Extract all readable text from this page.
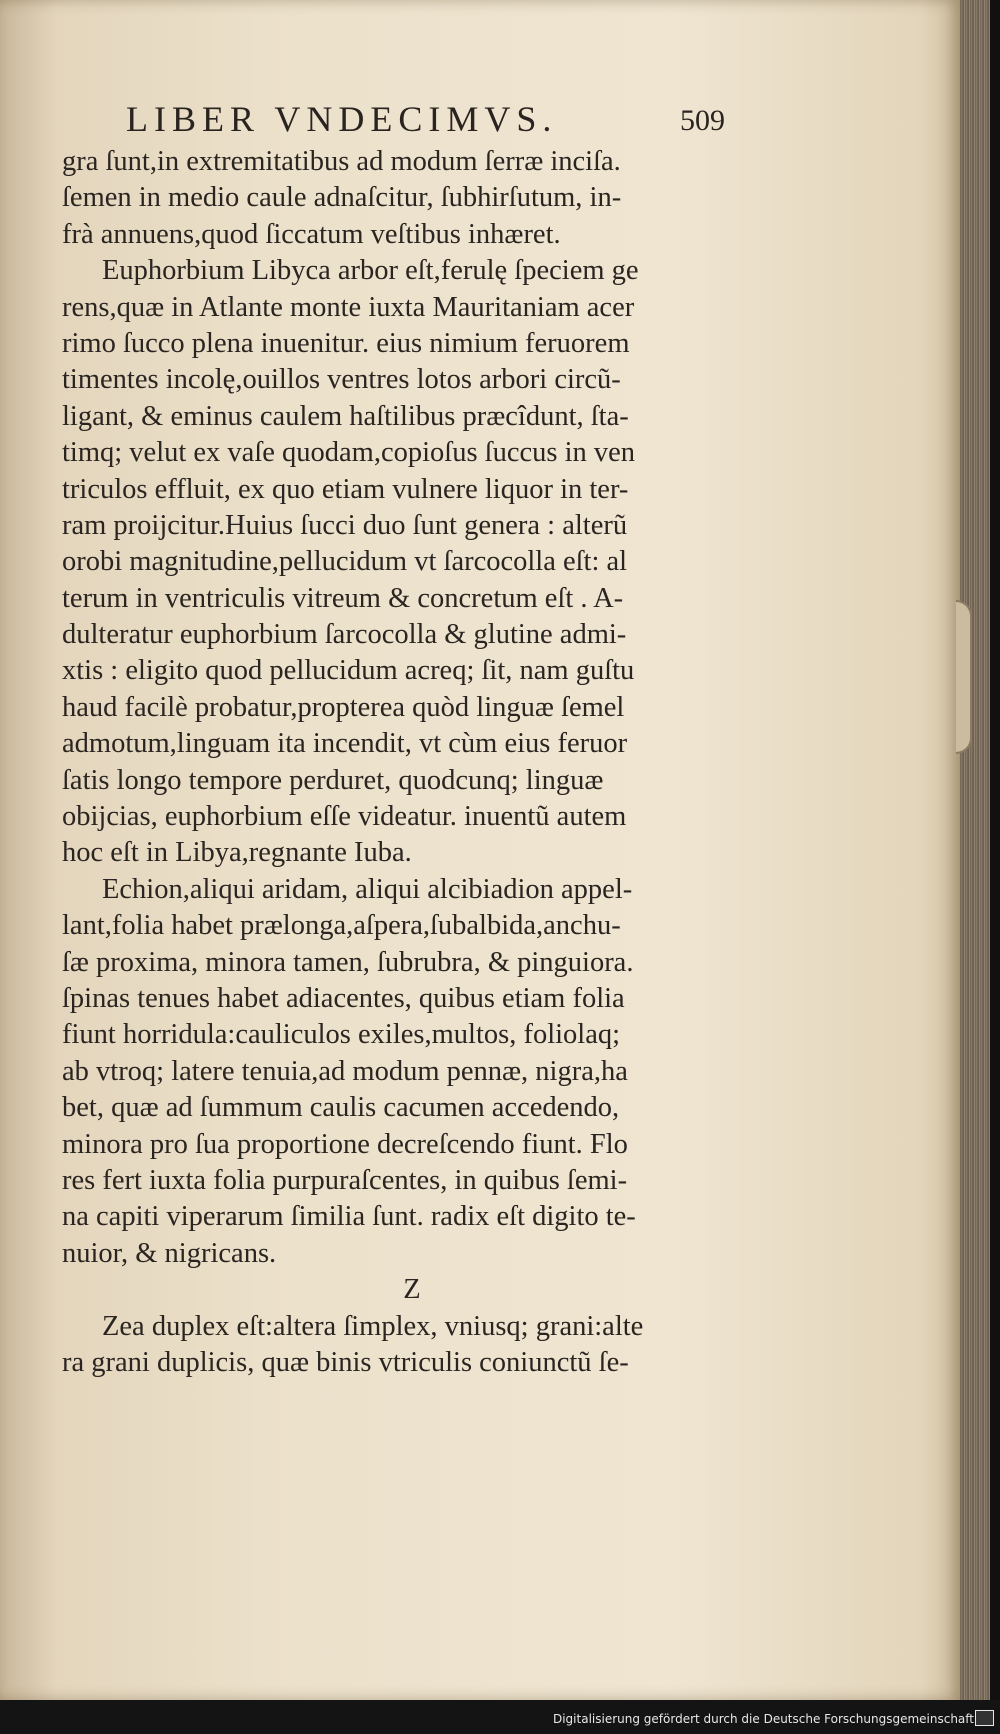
LIBER VNDECIMVS.	509
gra ſunt,in extremitatibus ad modum ſerræ inciſa.
ſemen in medio caule adnaſcitur, ſubhirſutum, in-
frà annuens,quod ſiccatum veſtibus inhæret.
Euphorbium Libyca arbor eſt,ferulę ſpeciem ge
rens,quæ in Atlante monte iuxta Mauritaniam acer
rimo ſucco plena inuenitur. eius nimium feruorem
timentes incolę,ouillos ventres lotos arbori circũ-
ligant, & eminus caulem haſtilibus præcîdunt, ſta-
timq; velut ex vaſe quodam,copioſus ſuccus in ven
triculos effluit, ex quo etiam vulnere liquor in ter-
ram proijcitur.Huius ſucci duo ſunt genera : alterũ
orobi magnitudine,pellucidum vt ſarcocolla eſt: al
terum in ventriculis vitreum & concretum eſt . A-
dulteratur euphorbium ſarcocolla & glutine admi-
xtis : eligito quod pellucidum acreq; ſit, nam guſtu
haud facilè probatur,propterea quòd linguæ ſemel
admotum,linguam ita incendit, vt cùm eius feruor
ſatis longo tempore perduret, quodcunq; linguæ
obijcias, euphorbium eſſe videatur. inuentũ autem
hoc eſt in Libya,regnante Iuba.
Echion,aliqui aridam, aliqui alcibiadion appel-
lant,folia habet prælonga,aſpera,ſubalbida,anchu-
ſæ proxima, minora tamen, ſubrubra, & pinguiora.
ſpinas tenues habet adiacentes, quibus etiam folia
fiunt horridula:cauliculos exiles,multos, foliolaq;
ab vtroq; latere tenuia,ad modum pennæ, nigra,ha
bet, quæ ad ſummum caulis cacumen accedendo,
minora pro ſua proportione decreſcendo fiunt. Flo
res fert iuxta folia purpuraſcentes, in quibus ſemi-
na capiti viperarum ſimilia ſunt. radix eſt digito te-
nuior, & nigricans.
Z
Zea duplex eſt:altera ſimplex, vniusq; grani:alte
ra grani duplicis, quæ binis vtriculis coniunctũ ſe-
Digitalisierung gefördert durch die Deutsche Forschungsgemeinschaft
